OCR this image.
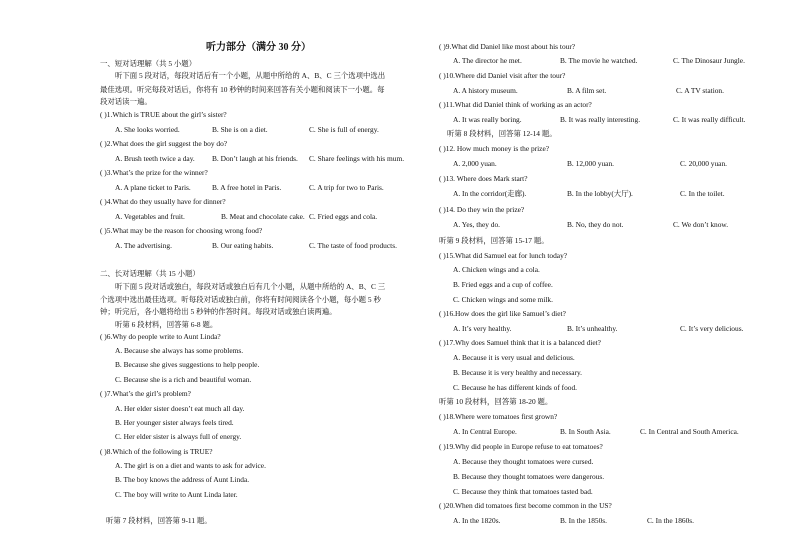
听力部分（满分 30 分）
一、短对话理解（共 5 小题）
听下面 5 段对话，每段对话后有一个小题，从题中所给的 A、B、C 三个选项中选出
最佳选项。听完每段对话后，你将有 10 秒钟的时间来回答有关小题和阅读下一小题。每
段对话读一遍。
( )1.Which is TRUE about the girl’s sister?
A. She looks worried.	B. She is on a diet.	C. She is full of energy.
( )2.What does the girl suggest the boy do?
A. Brush teeth twice a day. B. Don’t laugh at his friends. C. Share feelings with his mum.
( )3.What’s the prize for the winner?
A. A plane ticket to Paris.	B. A free hotel in Paris.	C. A trip for two to Paris.
( )4.What do they usually have for dinner?
A. Vegetables and fruit.	B. Meat and chocolate cake. C. Fried eggs and cola.
( )5.What may be the reason for choosing wrong food?
A. The advertising.	B. Our eating habits.	C. The taste of food products.
二、长对话理解（共 15 小题）
听下面 5 段对话或独白，每段对话或独白后有几个小题，从题中所给的 A、B、C 三
个选项中选出最佳选项。听每段对话或独白前，你将有时间阅读各个小题，每小题 5 秒
钟；听完后，各小题将给出 5 秒钟的作答时间。每段对话或独白读两遍。
听第 6 段材料，回答第 6-8 题。
( )6.Why do people write to Aunt Linda?
A. Because she always has some problems.
B. Because she gives suggestions to help people.
C. Because she is a rich and beautiful woman.
( )7.What’s the girl’s problem?
A. Her elder sister doesn’t eat much all day.
B. Her younger sister always feels tired.
C. Her elder sister is always full of energy.
( )8.Which of the following is TRUE?
A. The girl is on a diet and wants to ask for advice.
B. The boy knows the address of Aunt Linda.
C. The boy will write to Aunt Linda later.
听第 7 段材料，回答第 9-11 题。
( )9.What did Daniel like most about his tour?
A. The director he met.	B. The movie he watched.	C. The Dinosaur Jungle.
( )10.Where did Daniel visit after the tour?
A. A history museum.	B. A film set.	C. A TV station.
( )11.What did Daniel think of working as an actor?
A. It was really boring.	B. It was really interesting.	C. It was really difficult.
听第 8 段材料，回答第 12-14 题。
( )12. How much money is the prize?
A. 2,000 yuan.	B. 12,000 yuan.	C. 20,000 yuan.
( )13. Where does Mark start?
A. In the corridor(走廊).	B. In the lobby(大厅).	C. In the toilet.
( )14. Do they win the prize?
A. Yes, they do.	B. No, they do not.	C. We don’t know.
听第 9 段材料，回答第 15-17 题。
( )15.What did Samuel eat for lunch today?
A. Chicken wings and a cola.
B. Fried eggs and a cup of coffee.
C. Chicken wings and some milk.
( )16.How does the girl like Samuel’s diet?
A. It’s very healthy.	B. It’s unhealthy.	C. It’s very delicious.
( )17.Why does Samuel think that it is a balanced diet?
A. Because it is very usual and delicious.
B. Because it is very healthy and necessary.
C. Because he has different kinds of food.
听第 10 段材料，回答第 18-20 题。
( )18.Where were tomatoes first grown?
A. In Central Europe.	B. In South Asia.	C. In Central and South America.
( )19.Why did people in Europe refuse to eat tomatoes?
A. Because they thought tomatoes were cursed.
B. Because they thought tomatoes were dangerous.
C. Because they think that tomatoes tasted bad.
( )20.When did tomatoes first become common in the US?
A. In the 1820s.	B. In the 1850s.	C. In the 1860s.
